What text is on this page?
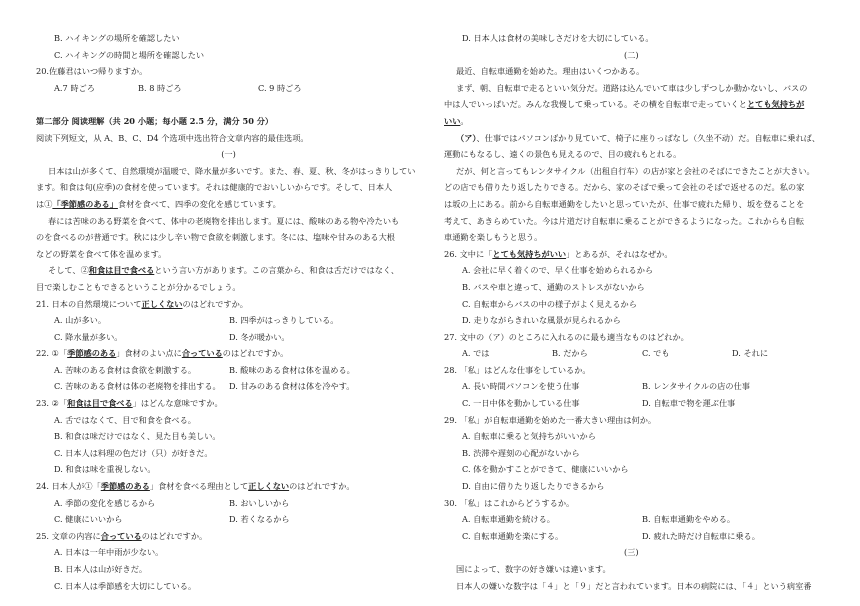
B. ハイキングの場所を確認したい
C. ハイキングの時間と場所を確認したい
20.佐藤君はいつ帰りますか。
A.7 時ごろ	B. 8 時ごろ	C. 9 時ごろ
第二部分 阅读理解（共 20 小题；每小题 2.5 分，满分 50 分）
阅读下列短文，从 A、B、C、D4 个选项中选出符合文章内容的最佳选项。
(一)
日本は山が多くて、自然環境が温暖で、降水量が多いです。また、春、夏、秋、冬がはっきりしてい
ます。和食は旬(应季)の食材を使っています。それは健康的でおいしいからです。そして、日本人
は①「季節感のある」食材を食べて、四季の変化を感じています。
春には苦味のある野菜を食べて、体中の老廃物を排出します。夏には、酸味のある物や冷たいも
のを食べるのが普通です。秋には少し辛い物で食欲を刺激します。冬には、塩味や甘みのある大根
などの野菜を食べて体を温めます。
そして、②和食は目で食べるという言い方があります。この言葉から、和食は舌だけではなく、
目で楽しむこともできるということが分かるでしょう。
21. 日本の自然環境について正しくないのはどれですか。
A. 山が多い。	B. 四季がはっきりしている。
C. 降水量が多い。	D. 冬が暖かい。
22. ①「季節感のある」食材のよい点に合っているのはどれですか。
A. 苦味のある食材は食欲を刺激する。	B. 酸味のある食材は体を温める。
C. 苦味のある食材は体の老廃物を排出する。	D. 甘みのある食材は体を冷やす。
23. ②「和食は目で食べる」はどんな意味ですか。
A. 舌ではなくて、目で和食を食べる。
B. 和食は味だけではなく、見た目も美しい。
C. 日本人は料理の色だけ（只）が好きだ。
D. 和食は味を重視しない。
24. 日本人が①「季節感のある」食材を食べる理由として正しくないのはどれですか。
A. 季節の変化を感じるから	B. おいしいから
C. 健康にいいから	D. 若くなるから
25. 文章の内容に合っているのはどれですか。
A. 日本は一年中雨が少ない。
B. 日本人は山が好きだ。
C. 日本人は季節感を大切にしている。
D. 日本人は食材の美味しさだけを大切にしている。
(二)
最近、自転車通勤を始めた。理由はいくつかある。
まず、朝、自転車で走るといい気分だ。道路は込んでいて車は少しずつしか動かないし、バスの
中は人でいっぱいだ。みんな我慢して乗っている。その横を自転車で走っていくととても気持ちが
いい。
（ア）、仕事ではパソコンばかり見ていて、椅子に座りっぱなし（久坐不动）だ。自転車に乗れば、
運動にもなるし、遠くの景色も見えるので、目の疲れもとれる。
だが、何と言ってもレンタサイクル（出租自行车）の店が家と会社のそばにできたことが大きい。
どの店でも借りたり返したりできる。だから、家のそばで乗って会社のそばで返せるのだ。私の家
は坂の上にある。前から自転車通勤をしたいと思っていたが、仕事で疲れた帰り、坂を登ることを
考えて、あきらめていた。今は片道だけ自転車に乗ることができるようになった。これからも自転
車通勤を楽しもうと思う。
26. 文中に「とても気持ちがいい」とあるが、それはなぜか。
A. 会社に早く着くので、早く仕事を始められるから
B. バスや車と違って、通勤のストレスがないから
C. 自転車からバスの中の様子がよく見えるから
D. 走りながらきれいな風景が見られるから
27. 文中の（ア）のところに入れるのに最も適当なものはどれか。
A. では	B. だから	C. でも	D. それに
28. 「私」はどんな仕事をしているか。
A. 長い時間パソコンを使う仕事	B. レンタサイクルの店の仕事
C. 一日中体を動かしている仕事	D. 自転車で物を運ぶ仕事
29. 「私」が自転車通勤を始めた一番大きい理由は何か。
A. 自転車に乗ると気持ちがいいから
B. 渋滞や遅刻の心配がないから
C. 体を動かすことができて、健康にいいから
D. 自由に借りたり返したりできるから
30. 「私」はこれからどうするか。
A. 自転車通勤を続ける。	B. 自転車通勤をやめる。
C. 自転車通勤を楽にする。	D. 疲れた時だけ自転車に乗る。
(三)
国によって、数字の好き嫌いは違います。
日本人の嫌いな数字は「４」と「９」だと言われています。日本の病院には、「４」という病室番
